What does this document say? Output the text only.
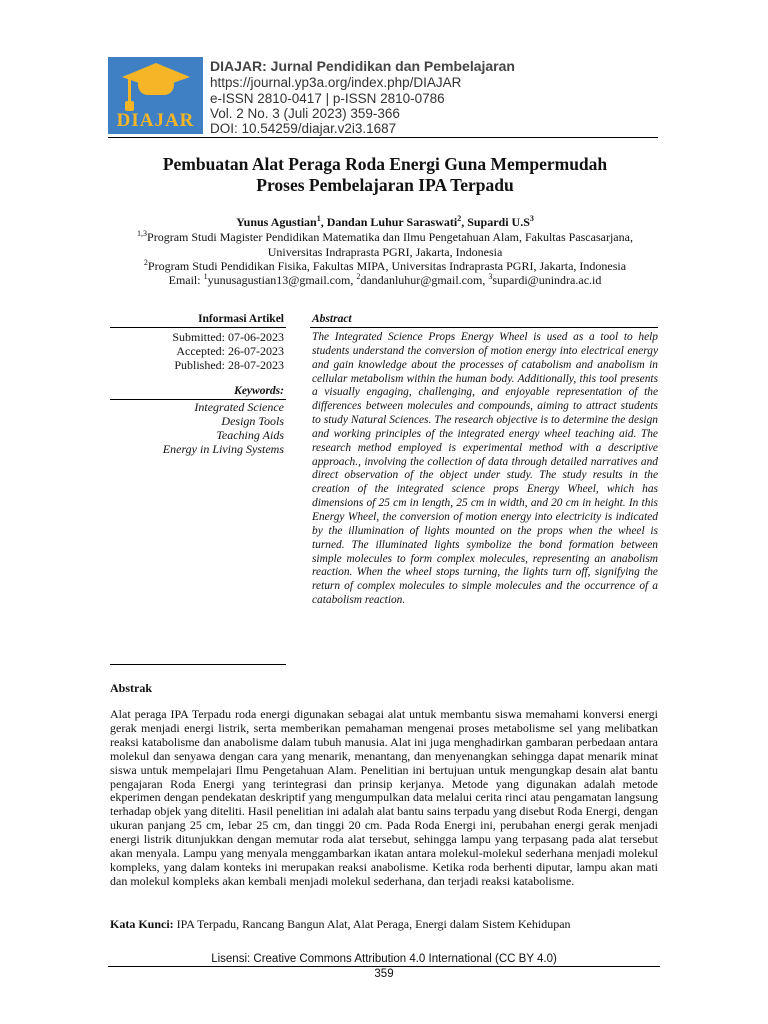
DIAJAR
DIAJAR: Jurnal Pendidikan dan Pembelajaran
https://journal.yp3a.org/index.php/DIAJAR
e-ISSN 2810-0417 | p-ISSN 2810-0786
Vol. 2 No. 3 (Juli 2023) 359-366
DOI: 10.54259/diajar.v2i3.1687
Pembuatan Alat Peraga Roda Energi Guna Mempermudah
Proses Pembelajaran IPA Terpadu
Yunus Agustian$^1$, Dandan Luhur Saraswati$^2$, Supardi $U.S^3$
$^{1,3}$Program Studi Magister Pendidikan Matematika dan Ilmu Pengetahuan Alam, Fakultas Pascasarjana,
Universitas Indraprasta PGRI, Jakarta, Indonesia
$^2$Program Studi Pendidikan Fisika, Fakultas MIPA, Universitas Indraprasta PGRI, Jakarta, Indonesia
Email: $^1$yunusagustian13@gmail.com, $^2$dandanluhur@gmail.com, $^3$supardi@unindra.ac.id
Informasi Artikel
Submitted: 07-06-2023
Accepted: 26-07-2023
Published: 28-07-2023
Keywords:
Integrated Science
Design Tools
Teaching Aids
Energy in Living Systems
Abstract
The Integrated Science Props Energy Wheel is used as a tool to help students understand the conversion of motion energy into electrical energy and gain knowledge about the processes of catabolism and anabolism in cellular metabolism within the human body. Additionally, this tool presents a visually engaging, challenging, and enjoyable representation of the differences between molecules and compounds, aiming to attract students to study Natural Sciences. The research objective is to determine the design and working principles of the integrated energy wheel teaching aid. The research method employed is experimental method with a descriptive approach., involving the collection of data through detailed narratives and direct observation of the object under study. The study results in the creation of the integrated science props Energy Wheel, which has dimensions of 25 cm in length, 25 cm in width, and 20 cm in height. In this Energy Wheel, the conversion of motion energy into electricity is indicated by the illumination of lights mounted on the props when the wheel is turned. The illuminated lights symbolize the bond formation between simple molecules to form complex molecules, representing an anabolism reaction. When the wheel stops turning, the lights turn off, signifying the return of complex molecules to simple molecules and the occurrence of a catabolism reaction.
Abstrak
Alat peraga IPA Terpadu roda energi digunakan sebagai alat untuk membantu siswa memahami konversi energi gerak menjadi energi listrik, serta memberikan pemahaman mengenai proses metabolisme sel yang melibatkan reaksi katabolisme dan anabolisme dalam tubuh manusia. Alat ini juga menghadirkan gambaran perbedaan antara molekul dan senyawa dengan cara yang menarik, menantang, dan menyenangkan sehingga dapat menarik minat siswa untuk mempelajari Ilmu Pengetahuan Alam. Penelitian ini bertujuan untuk mengungkap desain alat bantu pengajaran Roda Energi yang terintegrasi dan prinsip kerjanya. Metode yang digunakan adalah metode ekperimen dengan pendekatan deskriptif yang mengumpulkan data melalui cerita rinci atau pengamatan langsung terhadap objek yang diteliti. Hasil penelitian ini adalah alat bantu sains terpadu yang disebut Roda Energi, dengan ukuran panjang 25 cm, lebar 25 cm, dan tinggi 20 cm. Pada Roda Energi ini, perubahan energi gerak menjadi energi listrik ditunjukkan dengan memutar roda alat tersebut, sehingga lampu yang terpasang pada alat tersebut akan menyala. Lampu yang menyala menggambarkan ikatan antara molekul-molekul sederhana menjadi molekul kompleks, yang dalam konteks ini merupakan reaksi anabolisme. Ketika roda berhenti diputar, lampu akan mati dan molekul kompleks akan kembali menjadi molekul sederhana, dan terjadi reaksi katabolisme.
Kata Kunci: IPA Terpadu, Rancang Bangun Alat, Alat Peraga, Energi dalam Sistem Kehidupan
Lisensi: Creative Commons Attribution 4.0 International (CC BY 4.0)
359
